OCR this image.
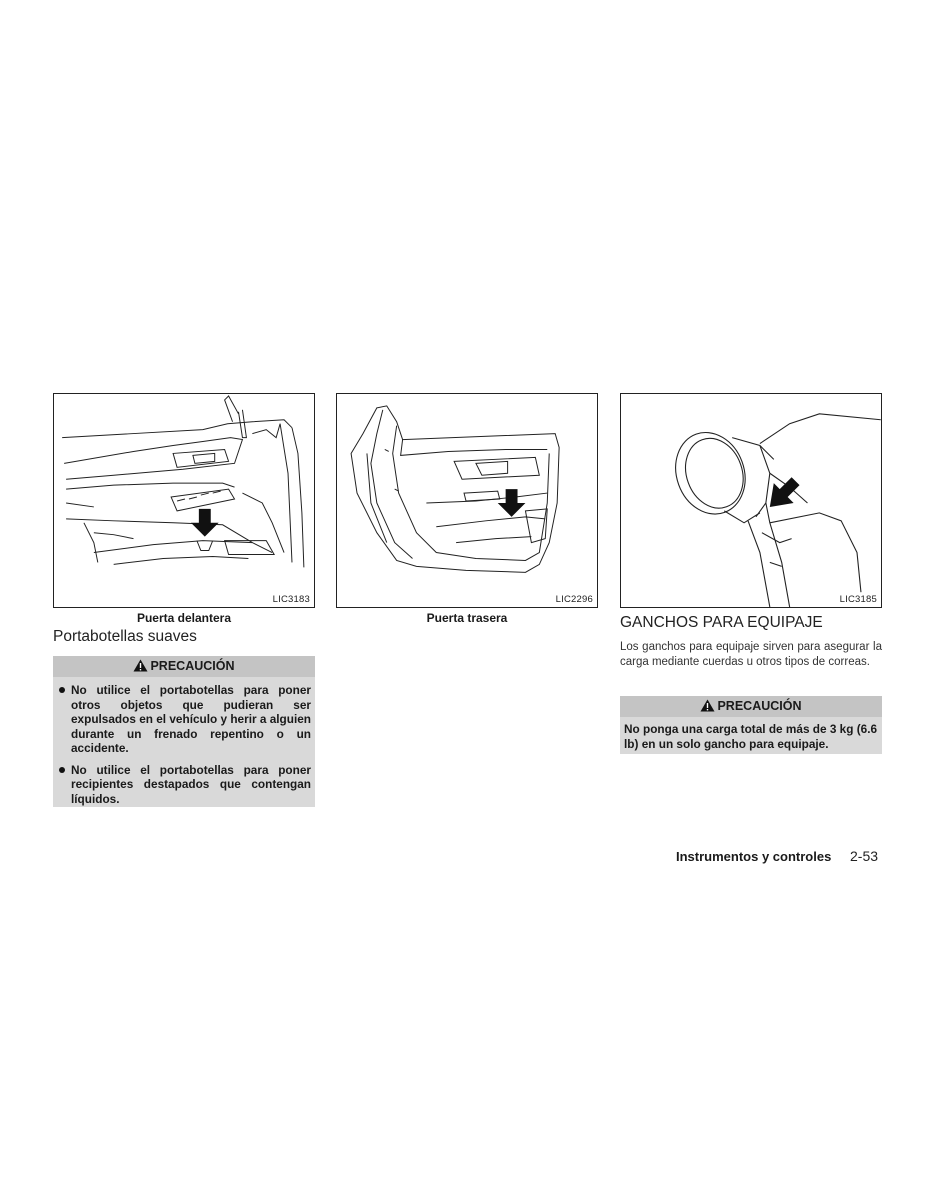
LIC3183
Puerta delantera
LIC2296
Puerta trasera
LIC3185
Portabotellas suaves
PRECAUCIÓN
No utilice el portabotellas para poner otros objetos que pudieran ser expulsados en el vehículo y herir a alguien durante un frenado repentino o un accidente.
No utilice el portabotellas para poner recipientes destapados que contengan líquidos.
GANCHOS PARA EQUIPAJE
Los ganchos para equipaje sirven para asegurar la carga mediante cuerdas u otros tipos de correas.
PRECAUCIÓN
No ponga una carga total de más de 3 kg (6.6 lb) en un solo gancho para equipaje.
Instrumentos y controles 2-53
